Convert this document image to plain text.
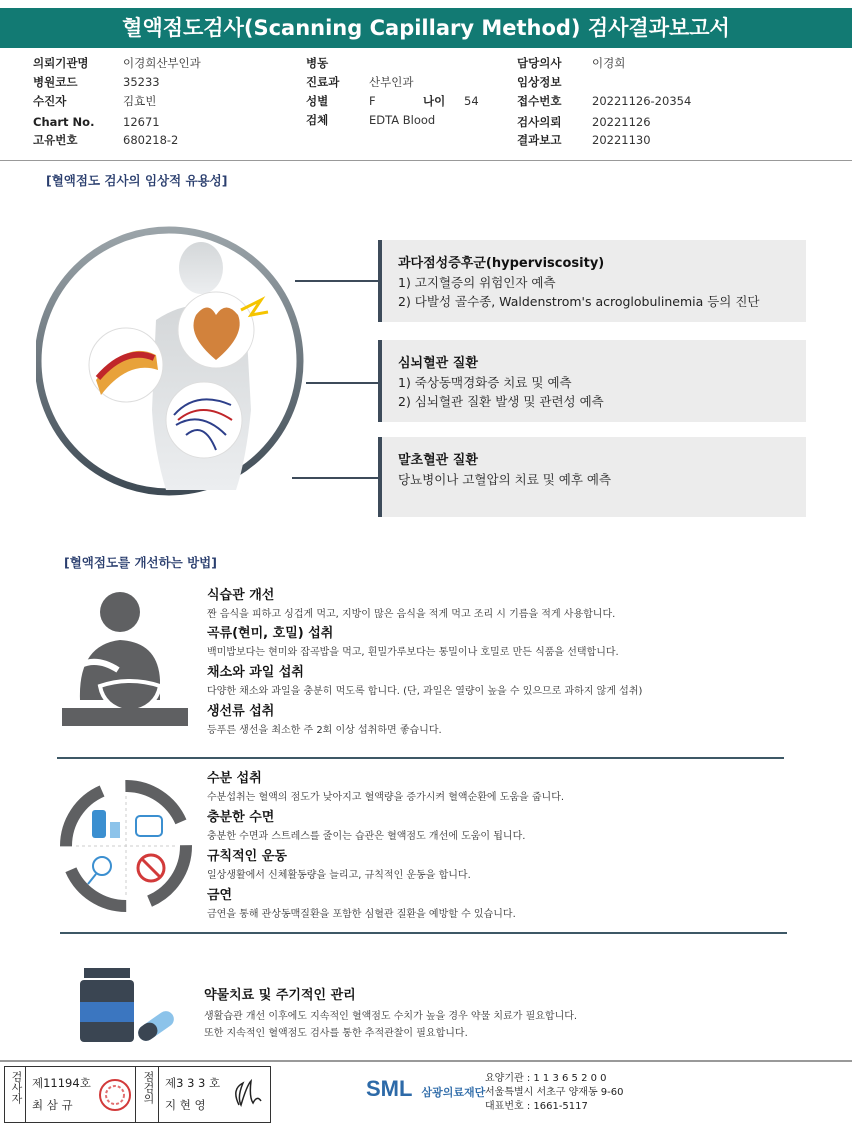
혈액점도검사(Scanning Capillary Method) 검사결과보고서
의뢰기관명	이경희산부인과
병원코드	35233
수진자	김효빈
Chart No. 12671
고유번호	680218-2
병동
진료과	산부인과
성별	F	나이 54
검체	EDTA Blood
담당의사	이경희
임상정보
접수번호	20221126-20354
검사의뢰	20221126
결과보고	20221130
[혈액점도 검사의 임상적 유용성]
과다점성증후군(hyperviscosity)
1) 고지혈증의 위험인자 예측
2) 다발성 골수종, Waldenstrom's acroglobulinemia 등의 진단
심뇌혈관 질환
1) 죽상동맥경화증 치료 및 예측
2) 심뇌혈관 질환 발생 및 관련성 예측
말초혈관 질환
당뇨병이나 고혈압의 치료 및 예후 예측
[혈액점도를 개선하는 방법]
식습관 개선
짠 음식을 피하고 싱겁게 먹고, 지방이 많은 음식을 적게 먹고 조리 시 기름을 적게 사용합니다.
곡류(현미, 호밀) 섭취
백미밥보다는 현미와 잡곡밥을 먹고, 흰밀가루보다는 통밀이나 호밀로 만든 식품을 선택합니다.
채소와 과일 섭취
다양한 채소와 과일을 충분히 먹도록 합니다. (단, 과일은 열량이 높을 수 있으므로 과하지 않게 섭취)
생선류 섭취
등푸른 생선을 최소한 주 2회 이상 섭취하면 좋습니다.
수분 섭취
수분섭취는 혈액의 점도가 낮아지고 혈액량을 증가시켜 혈액순환에 도움을 줍니다.
충분한 수면
충분한 수면과 스트레스를 줄이는 습관은 혈액점도 개선에 도움이 됩니다.
규칙적인 운동
일상생활에서 신체활동량을 늘리고, 규칙적인 운동을 합니다.
금연
금연을 통해 관상동맥질환을 포함한 심혈관 질환을 예방할 수 있습니다.
약물치료 및 주기적인 관리
생활습관 개선 이후에도 지속적인 혈액점도 수치가 높을 경우 약물 치료가 필요합니다.
또한 지속적인 혈액점도 검사를 통한 추적관찰이 필요합니다.
검사자 제11194호
최 삼 규
점검의 제3 3 3 호
지 현 영
SML 삼광의료재단
요양기관 : 1 1 3 6 5 2 0 0
서울특별시 서초구 양재동 9-60
대표번호 : 1661-5117
